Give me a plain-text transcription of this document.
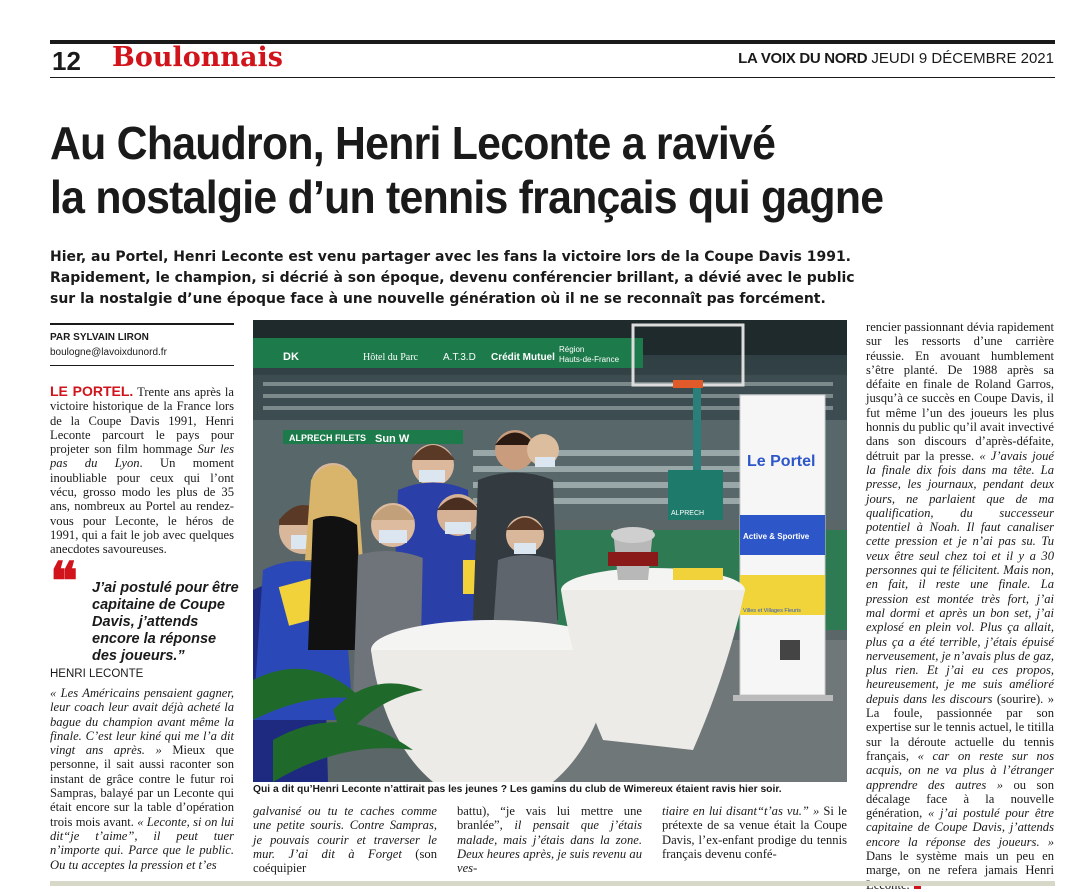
12 Boulonnais	LA VOIX DU NORD JEUDI 9 DÉCEMBRE 2021
Au Chaudron, Henri Leconte a ravivé
la nostalgie d’un tennis français qui gagne
Hier, au Portel, Henri Leconte est venu partager avec les fans la victoire lors de la Coupe Davis 1991.
Rapidement, le champion, si décrié à son époque, devenu conférencier brillant, a dévié avec le public
sur la nostalgie d’une époque face à une nouvelle génération où il ne se reconnaît pas forcément.
PAR SYLVAIN LIRON
boulogne@lavoixdunord.fr
LE PORTEL. Trente ans après la victoire historique de la France lors de la Coupe Davis 1991, Henri Leconte parcourt le pays pour projeter son film hommage Sur les pas du Lyon. Un moment inoubliable pour ceux qui l’ont vécu, grosso modo les plus de 35 ans, nombreux au Portel au rendez-vous pour Leconte, le héros de 1991, qui a fait le job avec quelques anecdotes savoureuses.
❝ J’ai postulé pour être capitaine de Coupe Davis, j’attends encore la réponse des joueurs.”
HENRI LECONTE
« Les Américains pensaient gagner, leur coach leur avait déjà acheté la bague du champion avant même la finale. C’est leur kiné qui me l’a dit vingt ans après. » Mieux que personne, il sait aussi raconter son instant de grâce contre le futur roi Sampras, balayé par un Leconte qui était encore sur la table d’opération trois mois avant. « Leconte, si on lui dit“je t’aime”, il peut tuer n’importe qui. Parce que le public. Ou tu acceptes la pression et t’es
DK	Hôtel du Parc	A.T.3.D Crédit Mutuel
Région
Hauts-de-France
ALPRECH FILETS Sun W
ALPRECH
Le Portel
Active & Sportive
Villes et Villages Fleuris
Qui a dit qu’Henri Leconte n’attirait pas les jeunes ? Les gamins du club de Wimereux étaient ravis hier soir.
galvanisé ou tu te caches comme une petite souris. Contre Sampras, je pouvais courir et traverser le mur. J’ai dit à Forget (son coéquipier
battu), “je vais lui mettre une branlée”, il pensait que j’étais malade, mais j’étais dans la zone. Deux heures après, je suis revenu au ves-
tiaire en lui disant“t’as vu.” » Si le prétexte de sa venue était la Coupe Davis, l’ex-enfant prodige du tennis français devenu confé-
rencier passionnant dévia rapidement sur les ressorts d’une carrière réussie. En avouant humblement s’être planté. De 1988 après sa défaite en finale de Roland Garros, jusqu’à ce succès en Coupe Davis, il fut même l’un des joueurs les plus honnis du public qu’il avait invectivé dans son discours d’après-défaite, détruit par la presse. « J’avais joué la finale dix fois dans ma tête. La presse, les journaux, pendant deux jours, ne parlaient que de ma qualification, du successeur potentiel à Noah. Il faut canaliser cette pression et je n’ai pas su. Tu veux être seul chez toi et il y a 30 personnes qui te félicitent. Mais non, en fait, il reste une finale. La pression est montée très fort, j’ai mal dormi et après un bon set, j’ai explosé en plein vol. Plus ça allait, plus ça a été terrible, j’étais épuisé nerveusement, je n’avais plus de gaz, plus rien. Et j’ai eu ces propos, heureusement, je me suis amélioré depuis dans les discours (sourire). » La foule, passionnée par son expertise sur le tennis actuel, le titilla sur la déroute actuelle du tennis français, « car on reste sur nos acquis, on ne va plus à l’étranger apprendre des autres » ou son décalage face à la nouvelle génération, « j’ai postulé pour être capitaine de Coupe Davis, j’attends encore la réponse des joueurs. » Dans le système mais un peu en marge, on ne refera jamais Henri
